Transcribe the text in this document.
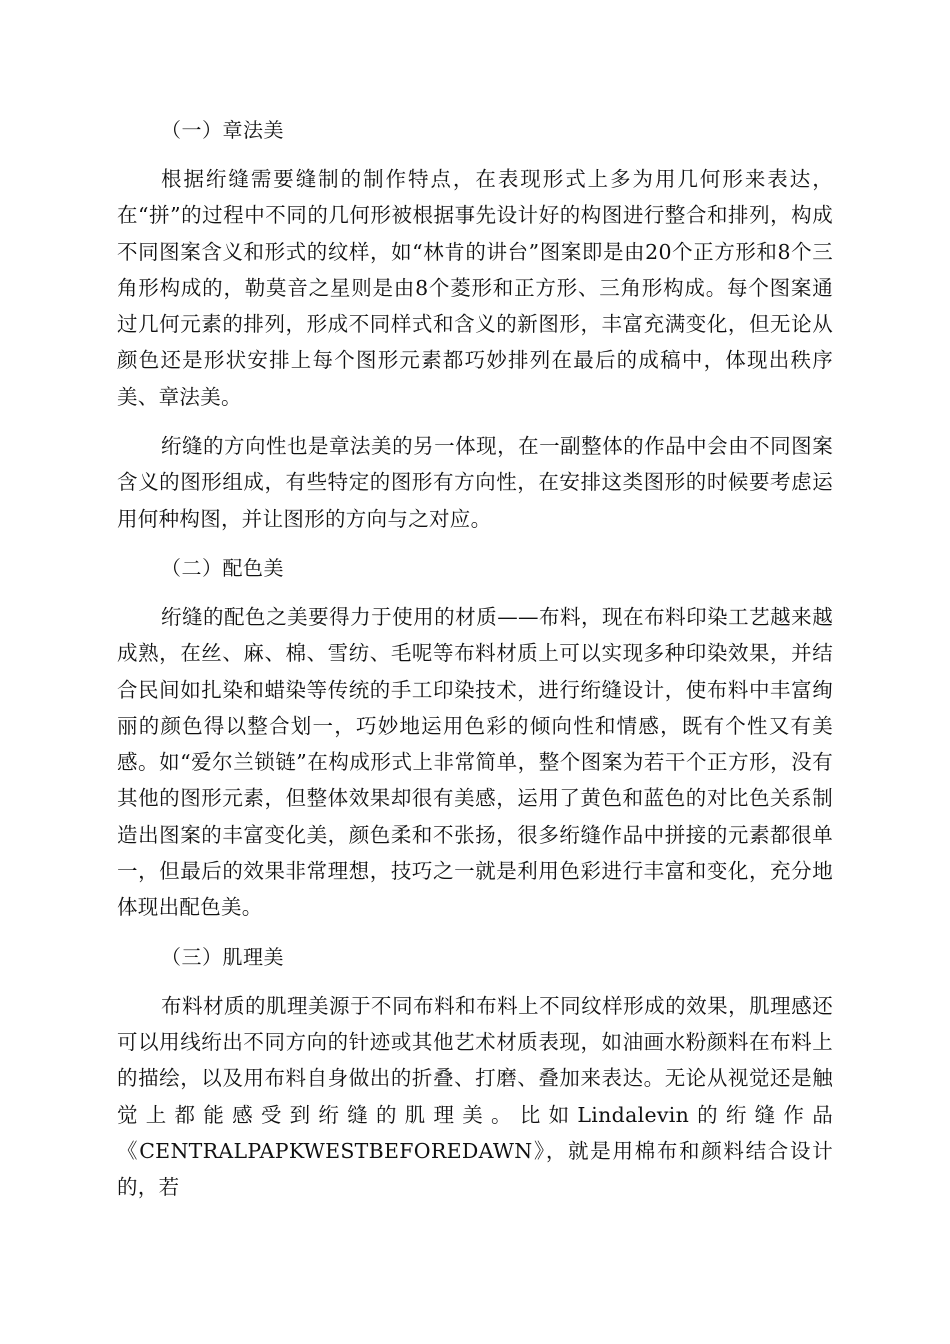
（一）章法美

根据绗缝需要缝制的制作特点，在表现形式上多为用几何形来表达，在“拼”的过程中不同的几何形被根据事先设计好的构图进行整合和排列，构成不同图案含义和形式的纹样，如“林肯的讲台”图案即是由20个正方形和8个三角形构成的，勒莫音之星则是由8个菱形和正方形、三角形构成。每个图案通过几何元素的排列，形成不同样式和含义的新图形，丰富充满变化，但无论从颜色还是形状安排上每个图形元素都巧妙排列在最后的成稿中，体现出秩序美、章法美。

绗缝的方向性也是章法美的另一体现，在一副整体的作品中会由不同图案含义的图形组成，有些特定的图形有方向性，在安排这类图形的时候要考虑运用何种构图，并让图形的方向与之对应。

（二）配色美

绗缝的配色之美要得力于使用的材质——布料，现在布料印染工艺越来越成熟，在丝、麻、棉、雪纺、毛呢等布料材质上可以实现多种印染效果，并结合民间如扎染和蜡染等传统的手工印染技术，进行绗缝设计，使布料中丰富绚丽的颜色得以整合划一，巧妙地运用色彩的倾向性和情感，既有个性又有美感。如“爱尔兰锁链”在构成形式上非常简单，整个图案为若干个正方形，没有其他的图形元素，但整体效果却很有美感，运用了黄色和蓝色的对比色关系制造出图案的丰富变化美，颜色柔和不张扬，很多绗缝作品中拼接的元素都很单一，但最后的效果非常理想，技巧之一就是利用色彩进行丰富和变化，充分地体现出配色美。

（三）肌理美

布料材质的肌理美源于不同布料和布料上不同纹样形成的效果，肌理感还可以用线绗出不同方向的针迹或其他艺术材质表现，如油画水粉颜料在布料上的描绘，以及用布料自身做出的折叠、打磨、叠加来表达。无论从视觉还是触觉上都能感受到绗缝的肌理美。比如Lindalevin的绗缝作品《CENTRALPAPKWESTBEFOREDAWN》，就是用棉布和颜料结合设计的，若
